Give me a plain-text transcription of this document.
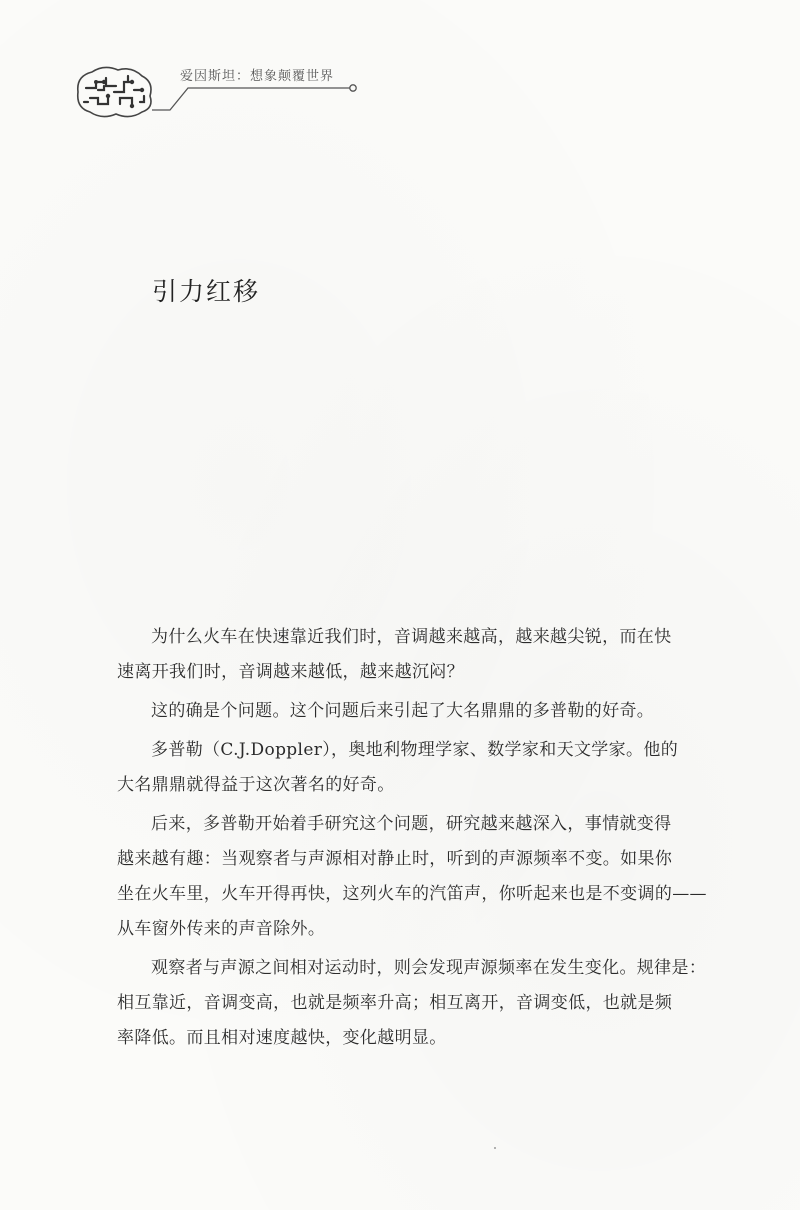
爱因斯坦：想象颠覆世界
引力红移

为什么火车在快速靠近我们时，音调越来越高，越来越尖锐，而在快
速离开我们时，音调越来越低，越来越沉闷？

这的确是个问题。这个问题后来引起了大名鼎鼎的多普勒的好奇。

多普勒（C.J.Doppler），奥地利物理学家、数学家和天文学家。他的
大名鼎鼎就得益于这次著名的好奇。

后来，多普勒开始着手研究这个问题，研究越来越深入，事情就变得
越来越有趣：当观察者与声源相对静止时，听到的声源频率不变。如果你
坐在火车里，火车开得再快，这列火车的汽笛声，你听起来也是不变调的——
从车窗外传来的声音除外。

观察者与声源之间相对运动时，则会发现声源频率在发生变化。规律是：
相互靠近，音调变高，也就是频率升高；相互离开，音调变低，也就是频
率降低。而且相对速度越快，变化越明显。
